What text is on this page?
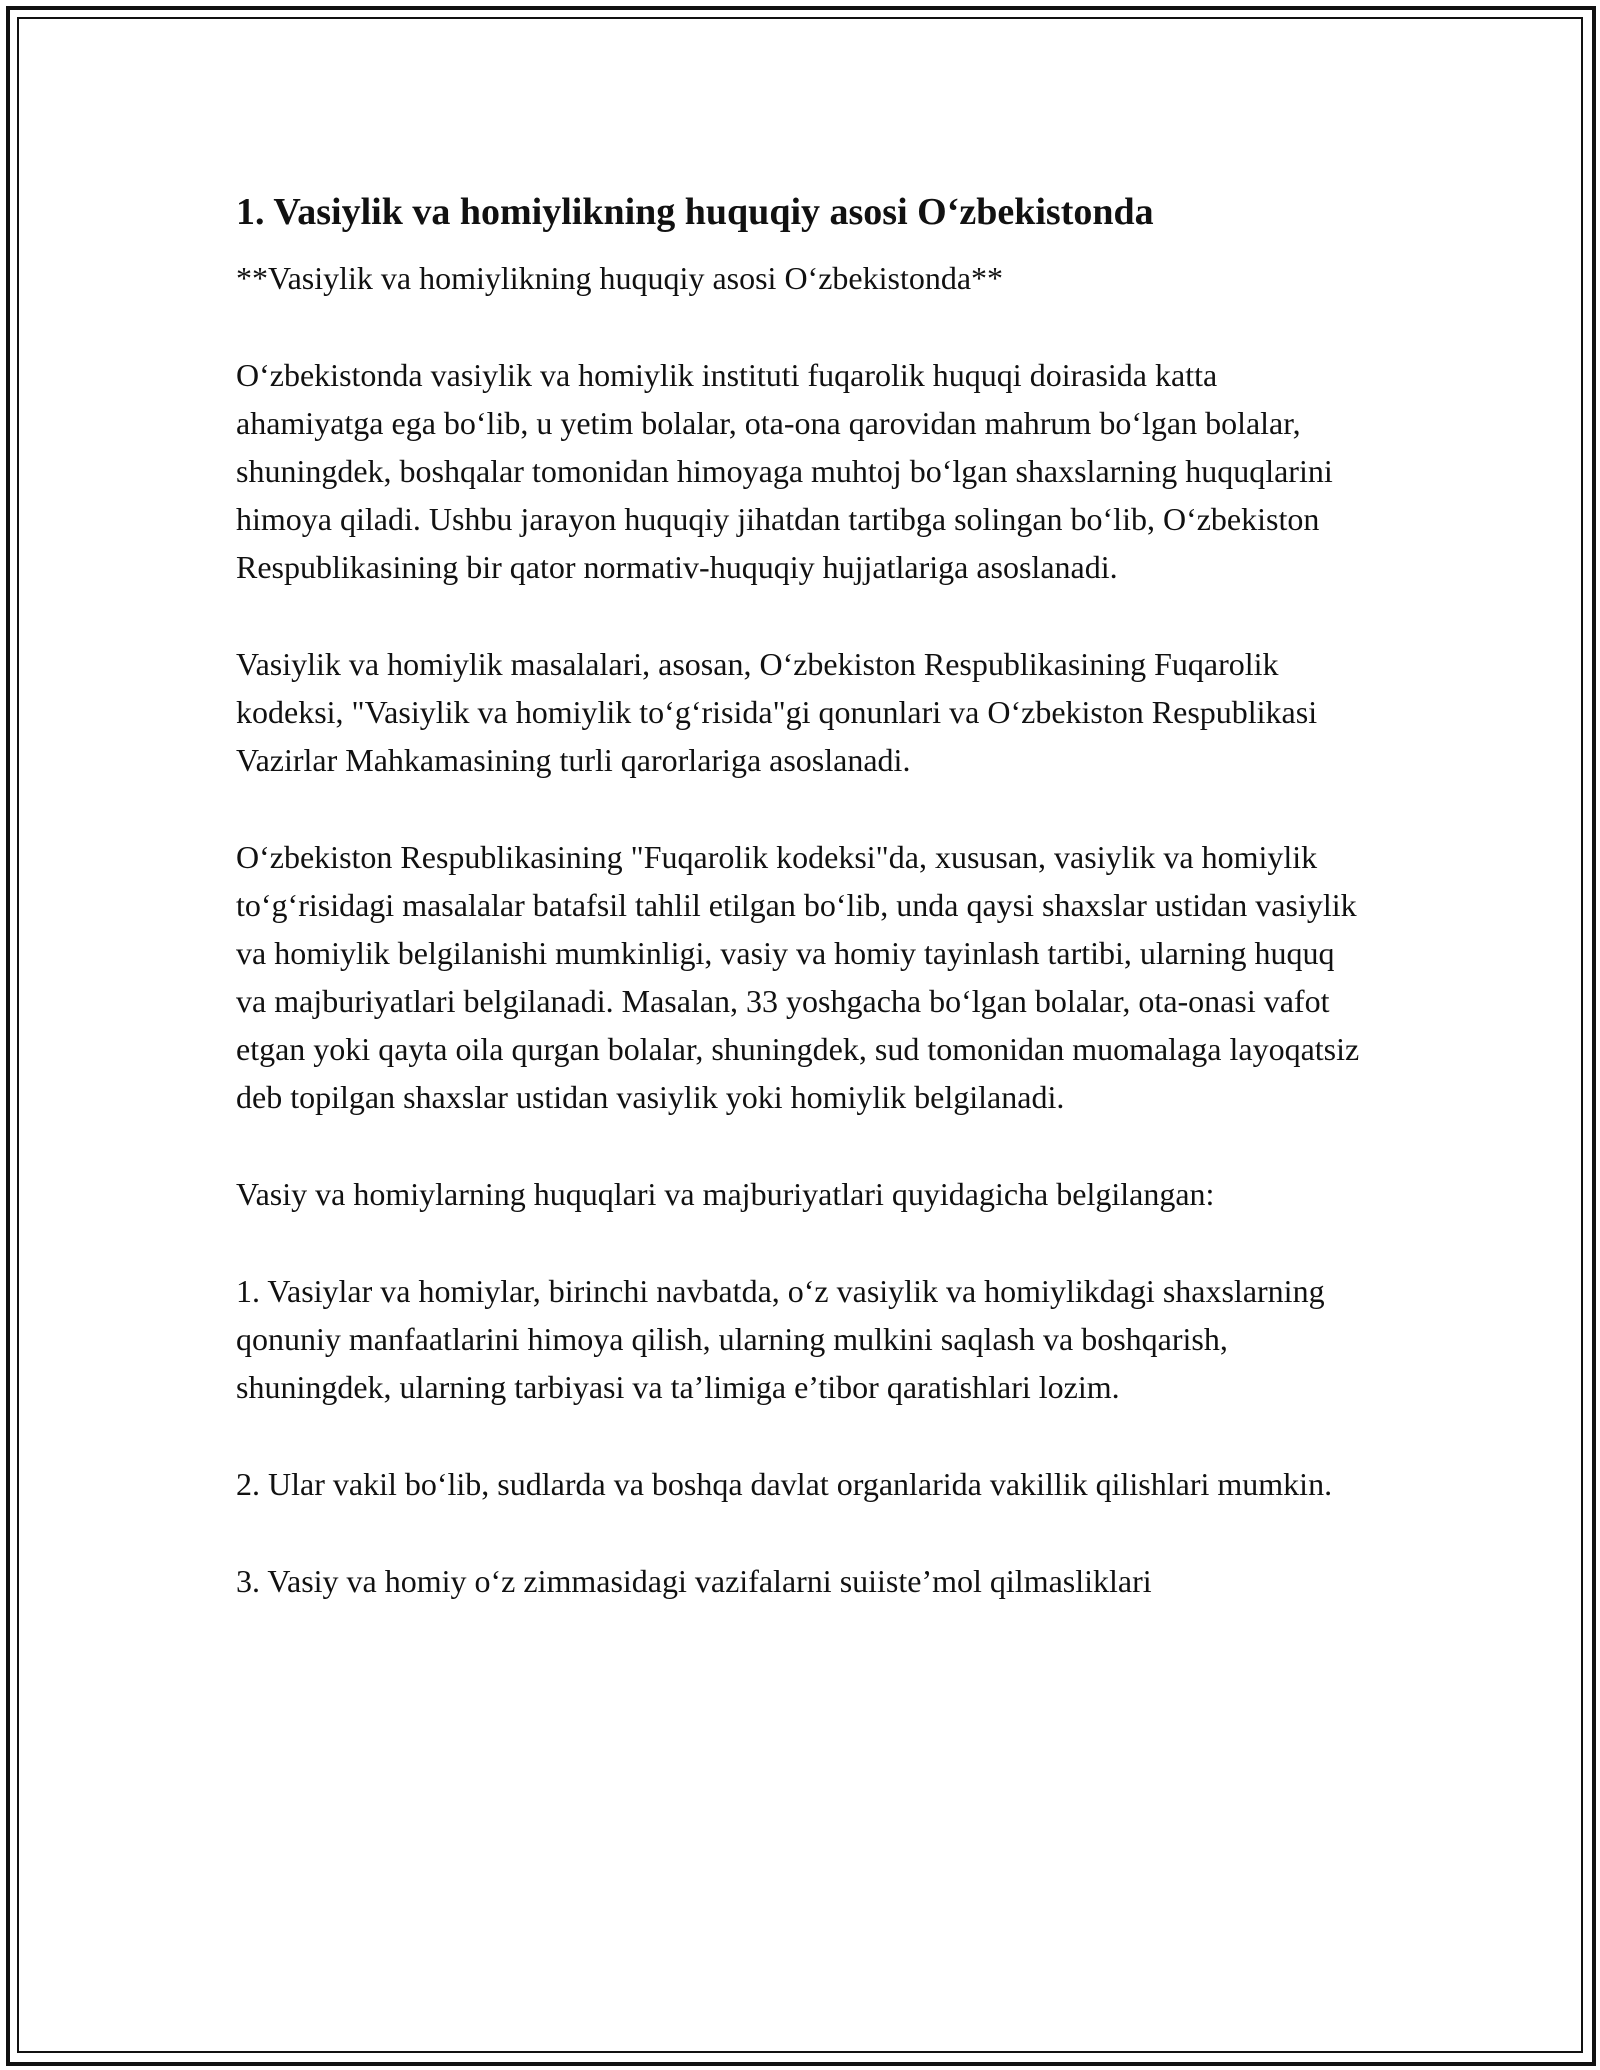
1. Vasiylik va homiylikning huquqiy asosi O‘zbekistonda

**Vasiylik va homiylikning huquqiy asosi O‘zbekistonda**

O‘zbekistonda vasiylik va homiylik instituti fuqarolik huquqi doirasida katta ahamiyatga ega bo‘lib, u yetim bolalar, ota-ona qarovidan mahrum bo‘lgan bolalar, shuningdek, boshqalar tomonidan himoyaga muhtoj bo‘lgan shaxslarning huquqlarini himoya qiladi. Ushbu jarayon huquqiy jihatdan tartibga solingan bo‘lib, O‘zbekiston Respublikasining bir qator normativ-huquqiy hujjatlariga asoslanadi.

Vasiylik va homiylik masalalari, asosan, O‘zbekiston Respublikasining Fuqarolik kodeksi, "Vasiylik va homiylik to‘g‘risida"gi qonunlari va O‘zbekiston Respublikasi Vazirlar Mahkamasining turli qarorlariga asoslanadi.

O‘zbekiston Respublikasining "Fuqarolik kodeksi"da, xususan, vasiylik va homiylik to‘g‘risidagi masalalar batafsil tahlil etilgan bo‘lib, unda qaysi shaxslar ustidan vasiylik va homiylik belgilanishi mumkinligi, vasiy va homiy tayinlash tartibi, ularning huquq va majburiyatlari belgilanadi. Masalan, 33 yoshgacha bo‘lgan bolalar, ota-onasi vafot etgan yoki qayta oila qurgan bolalar, shuningdek, sud tomonidan muomalaga layoqatsiz deb topilgan shaxslar ustidan vasiylik yoki homiylik belgilanadi.

Vasiy va homiylarning huquqlari va majburiyatlari quyidagicha belgilangan:

1. Vasiylar va homiylar, birinchi navbatda, o‘z vasiylik va homiylikdagi shaxslarning qonuniy manfaatlarini himoya qilish, ularning mulkini saqlash va boshqarish, shuningdek, ularning tarbiyasi va ta’limiga e’tibor qaratishlari lozim.

2. Ular vakil bo‘lib, sudlarda va boshqa davlat organlarida vakillik qilishlari mumkin.

3. Vasiy va homiy o‘z zimmasidagi vazifalarni suiiste’mol qilmasliklari
